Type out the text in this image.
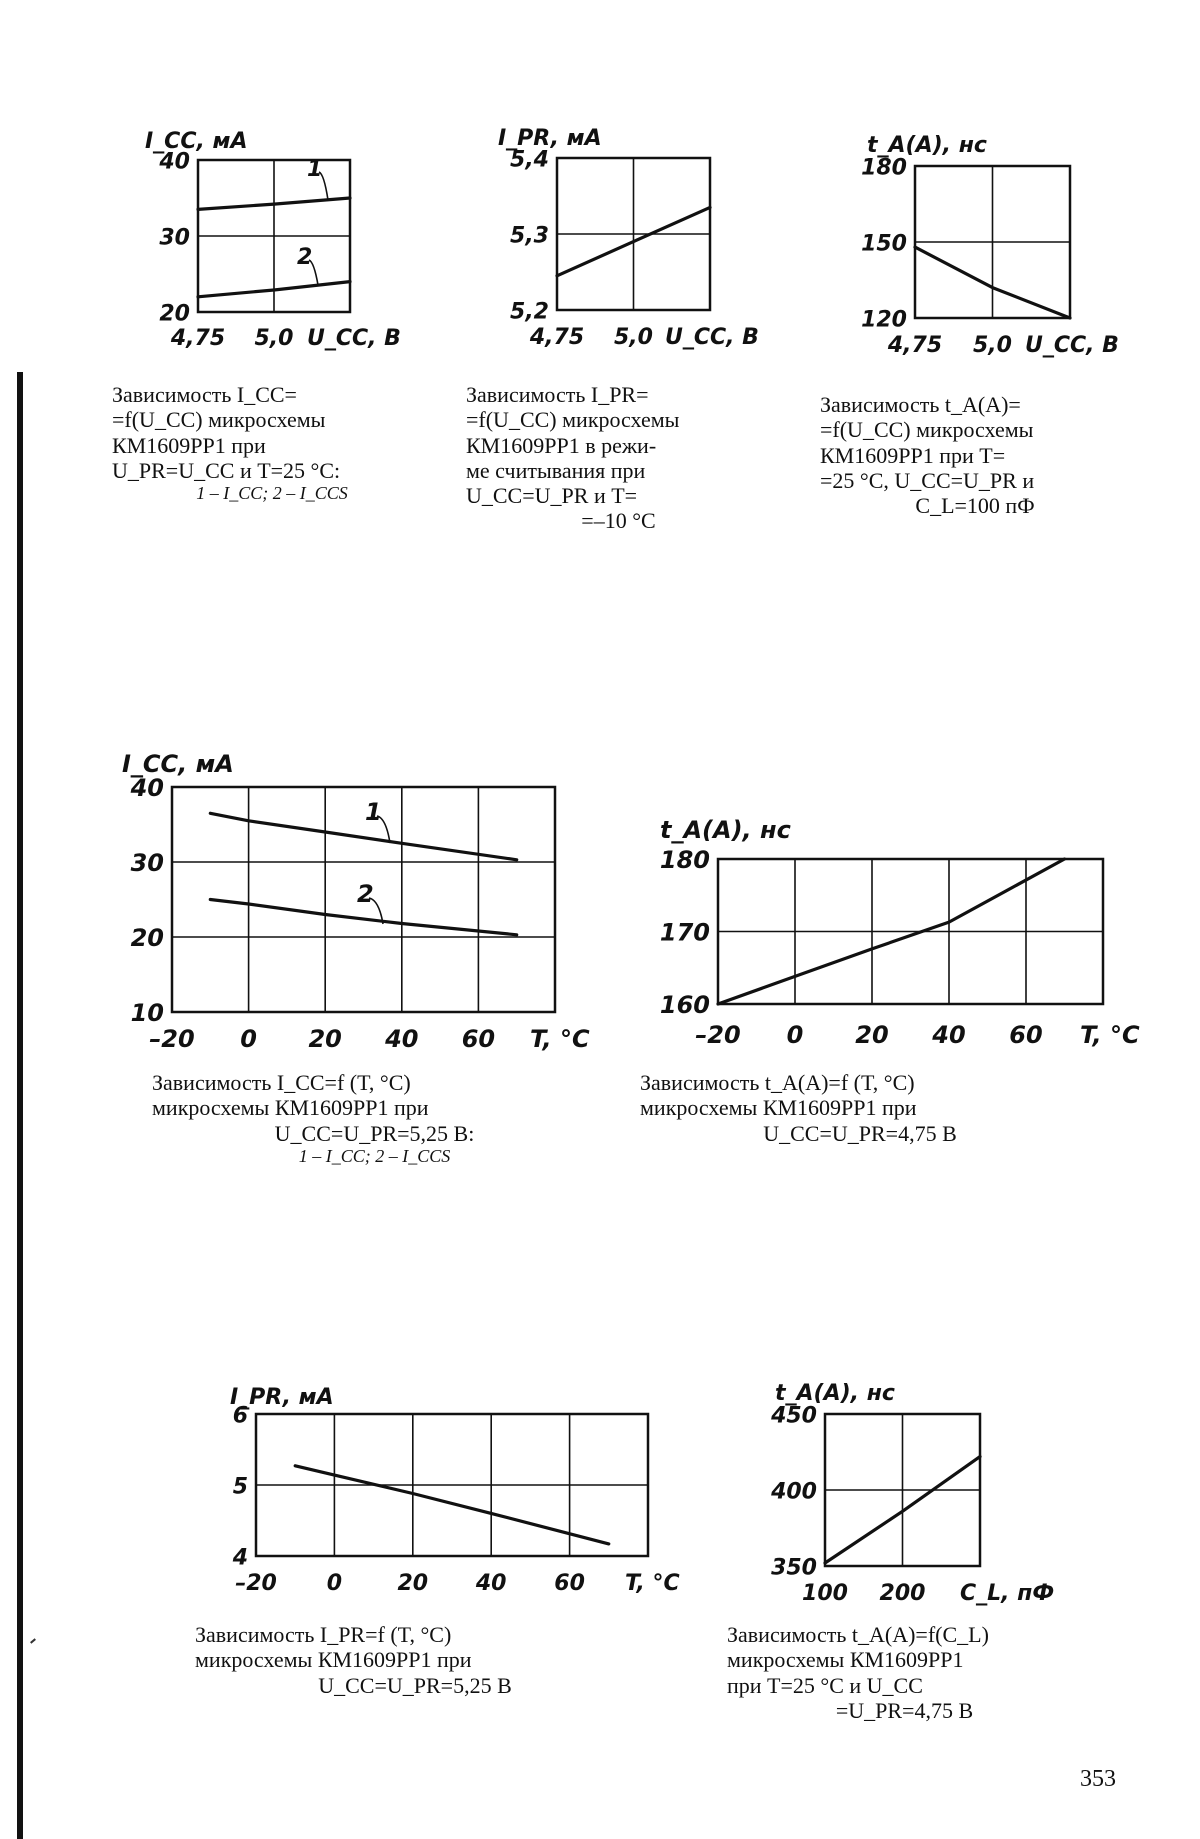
40
30
20
4,75 5,0
I_CC, мА
U_CC, В
1
2
5,4
5,3
5,2
4,75 5,0
I_PR, мА
U_CC, В
180
150
120
4,75 5,0
t_A(A), нс
U_CC, В
40
30
20
10
–20 0 20 40 60
I_CC, мА
T, °С
1
2
180
170
160
–20 0 20 40 60
t_A(A), нс
T, °С
6
5
4
–20 0	20 40 60
I_PR, мА
T, °С
450
400
350
100 200
t_A(A), нс
C_L, пФ
Зависимость I_CC=
=f(U_CC) микросхемы
КМ1609РР1 при
U_PR=U_CC и T=25 °С:
1 – I_CC; 2 – I_CCS
Зависимость I_PR=
=f(U_CC) микросхемы
КМ1609РР1 в режи-
ме считывания при
U_CC=U_PR и T=
=–10 °С
Зависимость t_A(A)=
=f(U_CC) микросхемы
КМ1609РР1 при T=
=25 °С, U_CC=U_PR и
C_L=100 пФ
Зависимость I_CC=f (T, °С)
микросхемы КМ1609РР1 при
U_CC=U_PR=5,25 В:
1 – I_CC; 2 – I_CCS
Зависимость t_A(A)=f (T, °С)
микросхемы КМ1609РР1 при
U_CC=U_PR=4,75 В
Зависимость I_PR=f (T, °С)
микросхемы КМ1609РР1 при
U_CC=U_PR=5,25 В
Зависимость t_A(A)=f(C_L)
микросхемы КМ1609РР1
при T=25 °С и U_CC
=U_PR=4,75 В
353
